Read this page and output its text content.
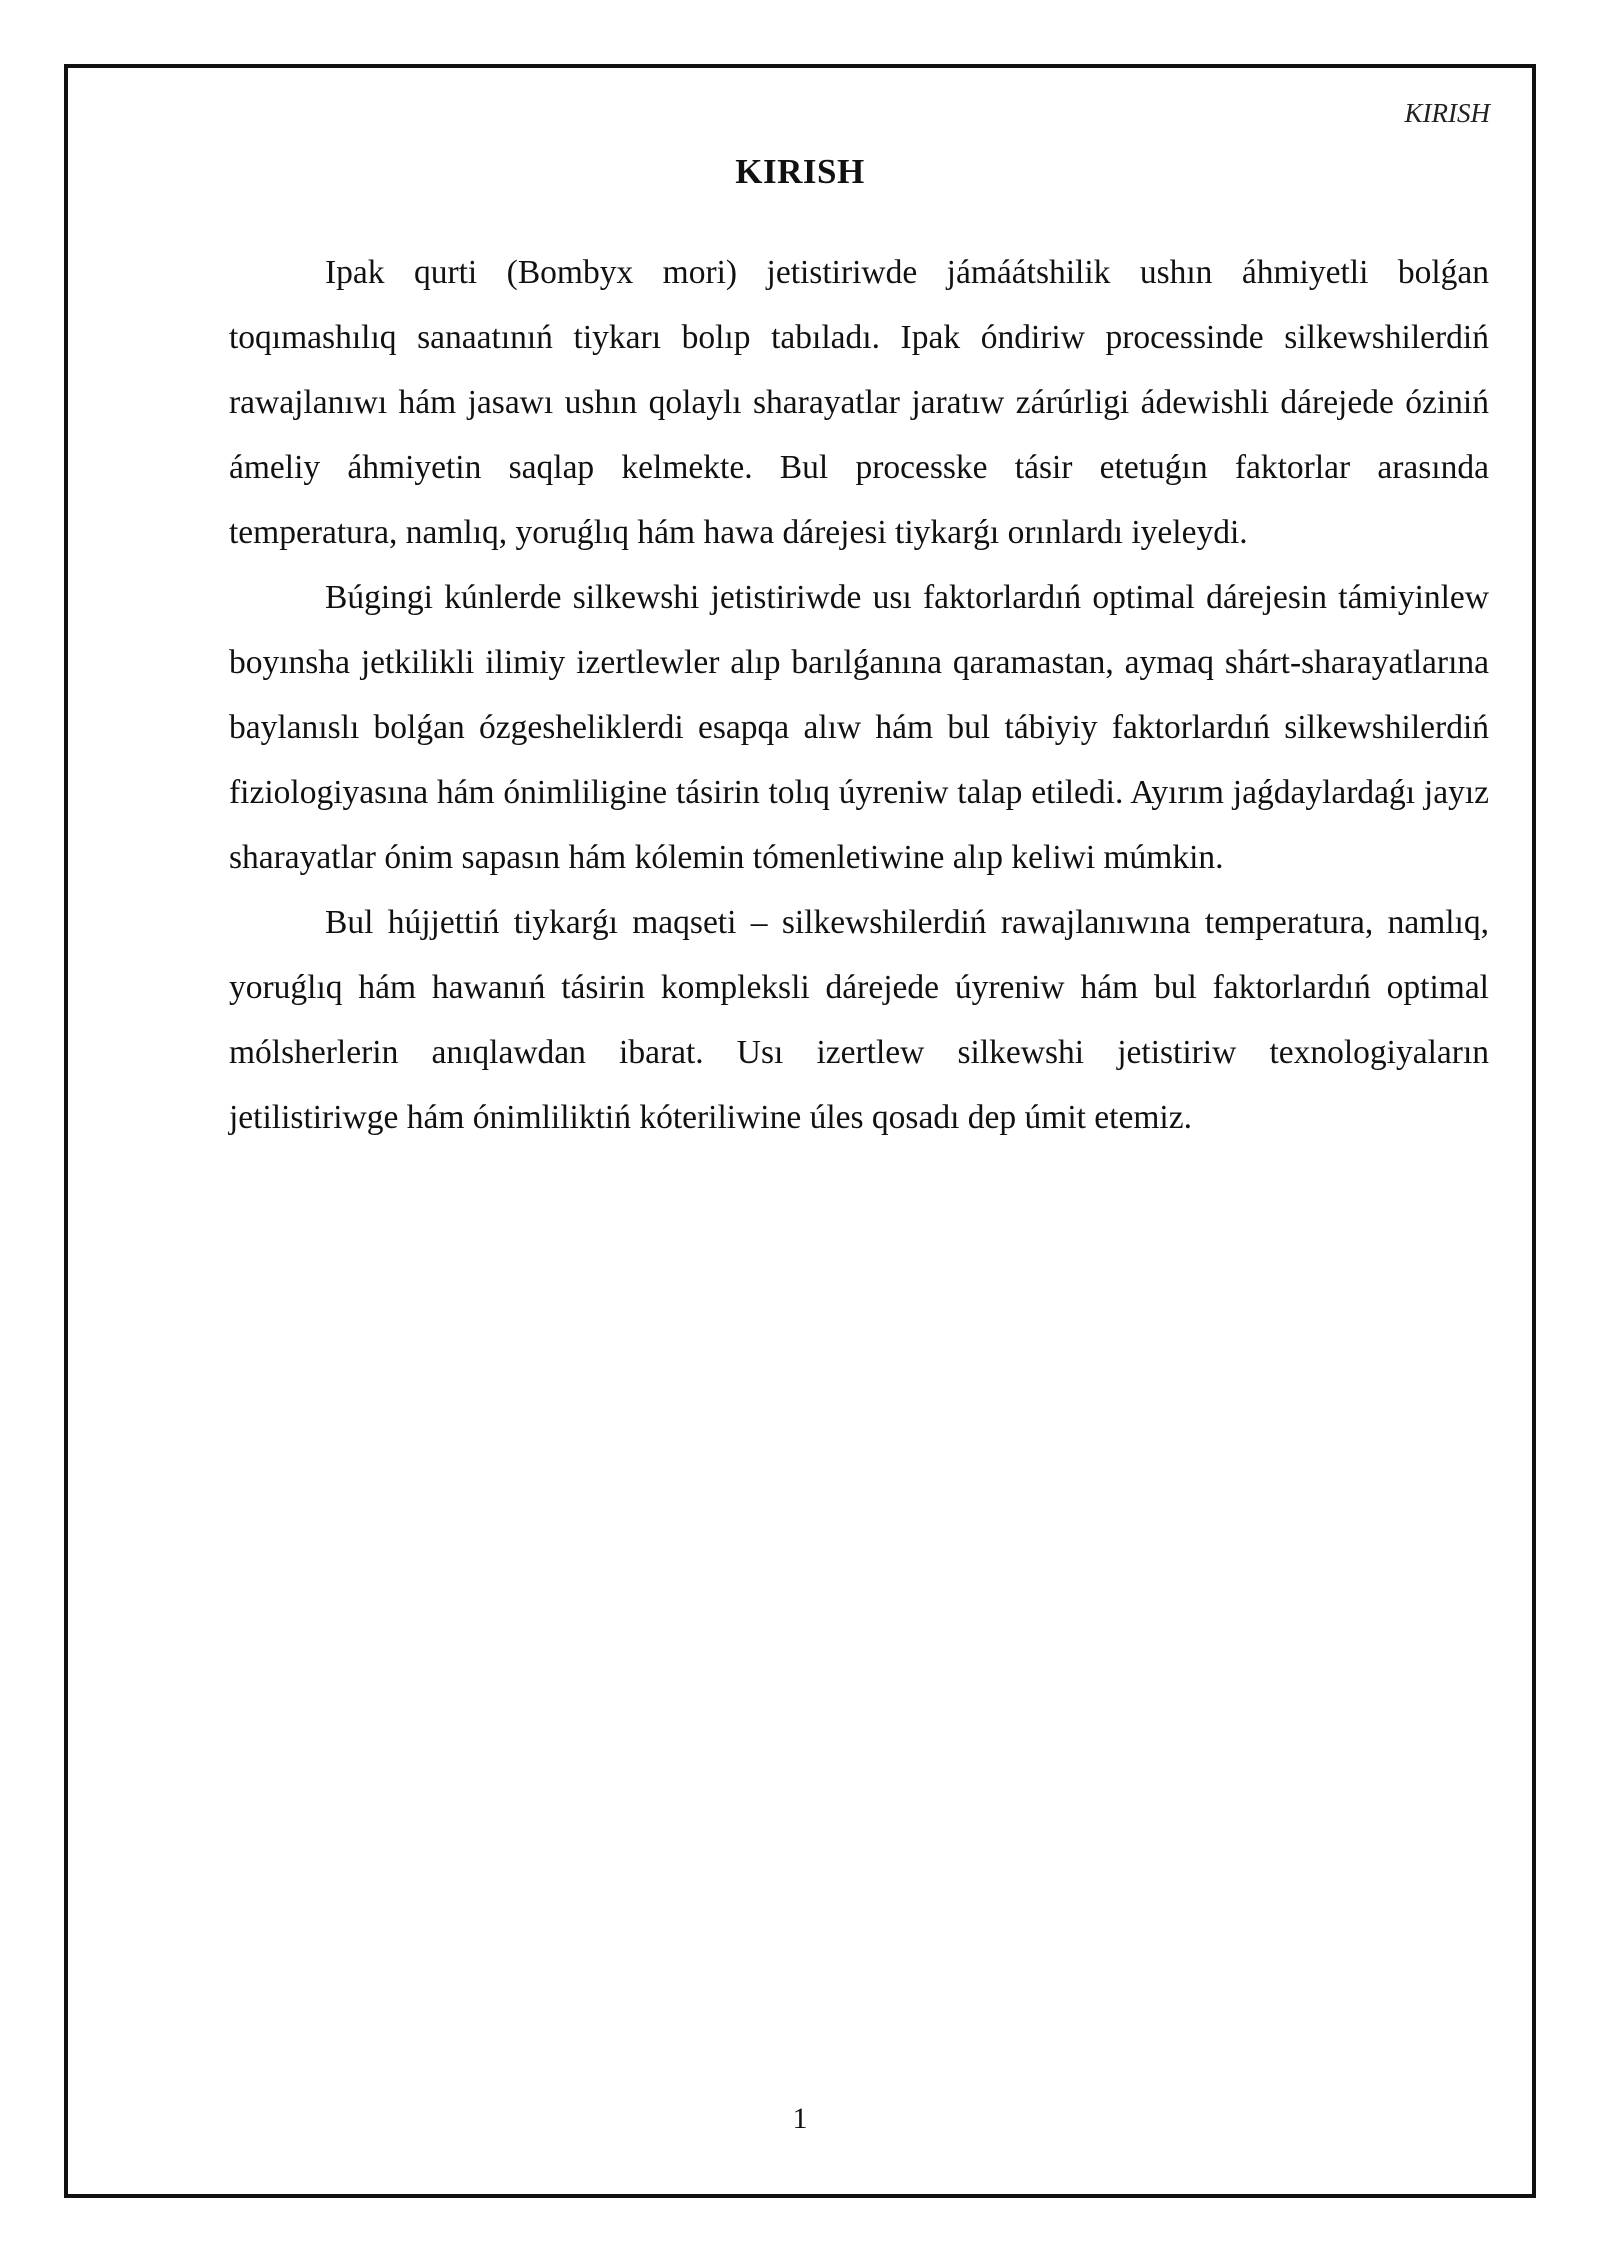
KIRISH
KIRISH

Ipak qurti (Bombyx mori) jetistiriwde jámáátshilik ushın áhmiyetli bolǵan toqımashılıq sanaatınıń tiykarı bolıp tabıladı. Ipak óndiriw processinde silkewshilerdiń rawajlanıwı hám jasawı ushın qolaylı sharayatlar jaratıw zárúrligi ádewishli dárejede óziniń ámeliy áhmiyetin saqlap kelmekte. Bul processke tásir etetuǵın faktorlar arasında temperatura, namlıq, yoruǵlıq hám hawa dárejesi tiykarǵı orınlardı iyeleydi.

Búgingi kúnlerde silkewshi jetistiriwde usı faktorlardıń optimal dárejesin támiyinlew boyınsha jetkilikli ilimiy izertlewler alıp barılǵanına qaramastan, aymaq shárt-sharayatlarına baylanıslı bolǵan ózgesheliklerdi esapqa alıw hám bul tábiyiy faktorlardıń silkewshilerdiń fiziologiyasına hám ónimliligine tásirin tolıq úyreniw talap etiledi. Ayırım jaǵdaylardaǵı jayız sharayatlar ónim sapasın hám kólemin tómenletiwine alıp keliwi múmkin.

Bul hújjettiń tiykarǵı maqseti – silkewshilerdiń rawajlanıwına temperatura, namlıq, yoruǵlıq hám hawanıń tásirin kompleksli dárejede úyreniw hám bul faktorlardıń optimal mólsherlerin anıqlawdan ibarat. Usı izertlew silkewshi jetistiriw texnologiyaların jetilistiriwge hám ónimliliktiń kóteriliwine úles qosadı dep úmit etemiz.

1
